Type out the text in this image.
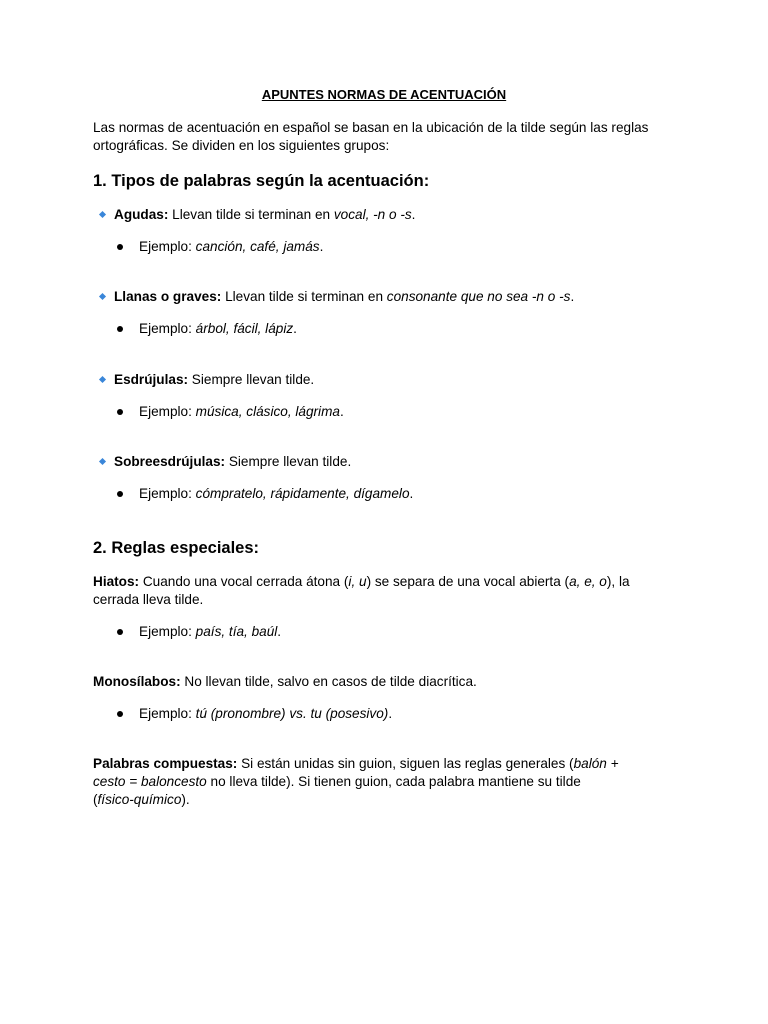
APUNTES NORMAS DE ACENTUACIÓN
Las normas de acentuación en español se basan en la ubicación de la tilde según las reglas
ortográficas. Se dividen en los siguientes grupos:
1. Tipos de palabras según la acentuación:
Agudas: Llevan tilde si terminan en vocal, -n o -s.
Ejemplo: canción, café, jamás.
Llanas o graves: Llevan tilde si terminan en consonante que no sea -n o -s.
Ejemplo: árbol, fácil, lápiz.
Esdrújulas: Siempre llevan tilde.
Ejemplo: música, clásico, lágrima.
Sobreesdrújulas: Siempre llevan tilde.
Ejemplo: cómpratelo, rápidamente, dígamelo.
2. Reglas especiales:
Hiatos: Cuando una vocal cerrada átona (i, u) se separa de una vocal abierta (a, e, o), la
cerrada lleva tilde.
Ejemplo: país, tía, baúl.
Monosílabos: No llevan tilde, salvo en casos de tilde diacrítica.
Ejemplo: tú (pronombre) vs. tu (posesivo).
Palabras compuestas: Si están unidas sin guion, siguen las reglas generales (balón +
cesto = baloncesto no lleva tilde). Si tienen guion, cada palabra mantiene su tilde
(físico-químico).
